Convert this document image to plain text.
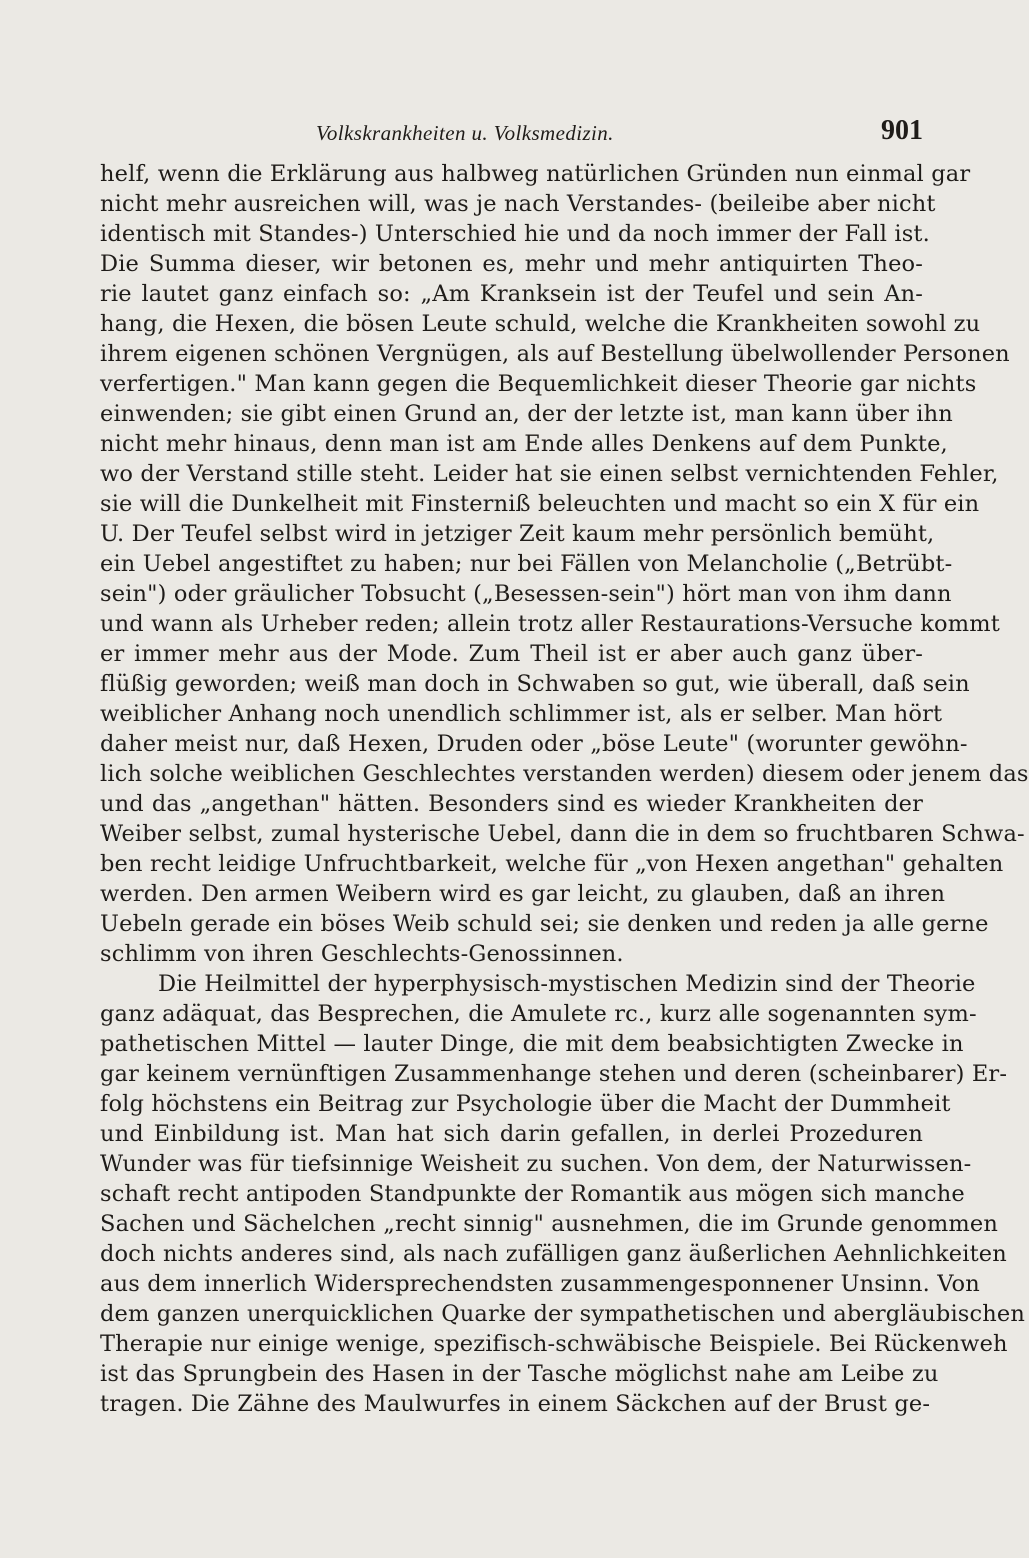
Volkskrankheiten u. Volksmedizin.	901
helf, wenn die Erklärung aus halbweg natürlichen Gründen nun einmal gar
nicht mehr ausreichen will, was je nach Verstandes- (beileibe aber nicht
identisch mit Standes-) Unterschied hie und da noch immer der Fall ist.
Die Summa dieser, wir betonen es, mehr und mehr antiquirten Theo-
rie lautet ganz einfach so: „Am Kranksein ist der Teufel und sein An-
hang, die Hexen, die bösen Leute schuld, welche die Krankheiten sowohl zu
ihrem eigenen schönen Vergnügen, als auf Bestellung übelwollender Personen
verfertigen." Man kann gegen die Bequemlichkeit dieser Theorie gar nichts
einwenden; sie gibt einen Grund an, der der letzte ist, man kann über ihn
nicht mehr hinaus, denn man ist am Ende alles Denkens auf dem Punkte,
wo der Verstand stille steht. Leider hat sie einen selbst vernichtenden Fehler,
sie will die Dunkelheit mit Finsterniß beleuchten und macht so ein X für ein
U. Der Teufel selbst wird in jetziger Zeit kaum mehr persönlich bemüht,
ein Uebel angestiftet zu haben; nur bei Fällen von Melancholie („Betrübt-
sein") oder gräulicher Tobsucht („Besessen-sein") hört man von ihm dann
und wann als Urheber reden; allein trotz aller Restaurations-Versuche kommt
er immer mehr aus der Mode. Zum Theil ist er aber auch ganz über-
flüßig geworden; weiß man doch in Schwaben so gut, wie überall, daß sein
weiblicher Anhang noch unendlich schlimmer ist, als er selber. Man hört
daher meist nur, daß Hexen, Druden oder „böse Leute" (worunter gewöhn-
lich solche weiblichen Geschlechtes verstanden werden) diesem oder jenem das
und das „angethan" hätten. Besonders sind es wieder Krankheiten der
Weiber selbst, zumal hysterische Uebel, dann die in dem so fruchtbaren Schwa-
ben recht leidige Unfruchtbarkeit, welche für „von Hexen angethan" gehalten
werden. Den armen Weibern wird es gar leicht, zu glauben, daß an ihren
Uebeln gerade ein böses Weib schuld sei; sie denken und reden ja alle gerne
schlimm von ihren Geschlechts-Genossinnen.
Die Heilmittel der hyperphysisch-mystischen Medizin sind der Theorie
ganz adäquat, das Besprechen, die Amulete rc., kurz alle sogenannten sym-
pathetischen Mittel — lauter Dinge, die mit dem beabsichtigten Zwecke in
gar keinem vernünftigen Zusammenhange stehen und deren (scheinbarer) Er-
folg höchstens ein Beitrag zur Psychologie über die Macht der Dummheit
und Einbildung ist. Man hat sich darin gefallen, in derlei Prozeduren
Wunder was für tiefsinnige Weisheit zu suchen. Von dem, der Naturwissen-
schaft recht antipoden Standpunkte der Romantik aus mögen sich manche
Sachen und Sächelchen „recht sinnig" ausnehmen, die im Grunde genommen
doch nichts anderes sind, als nach zufälligen ganz äußerlichen Aehnlichkeiten
aus dem innerlich Widersprechendsten zusammengesponnener Unsinn. Von
dem ganzen unerquicklichen Quarke der sympathetischen und abergläubischen
Therapie nur einige wenige, spezifisch-schwäbische Beispiele. Bei Rückenweh
ist das Sprungbein des Hasen in der Tasche möglichst nahe am Leibe zu
tragen. Die Zähne des Maulwurfes in einem Säckchen auf der Brust ge-
